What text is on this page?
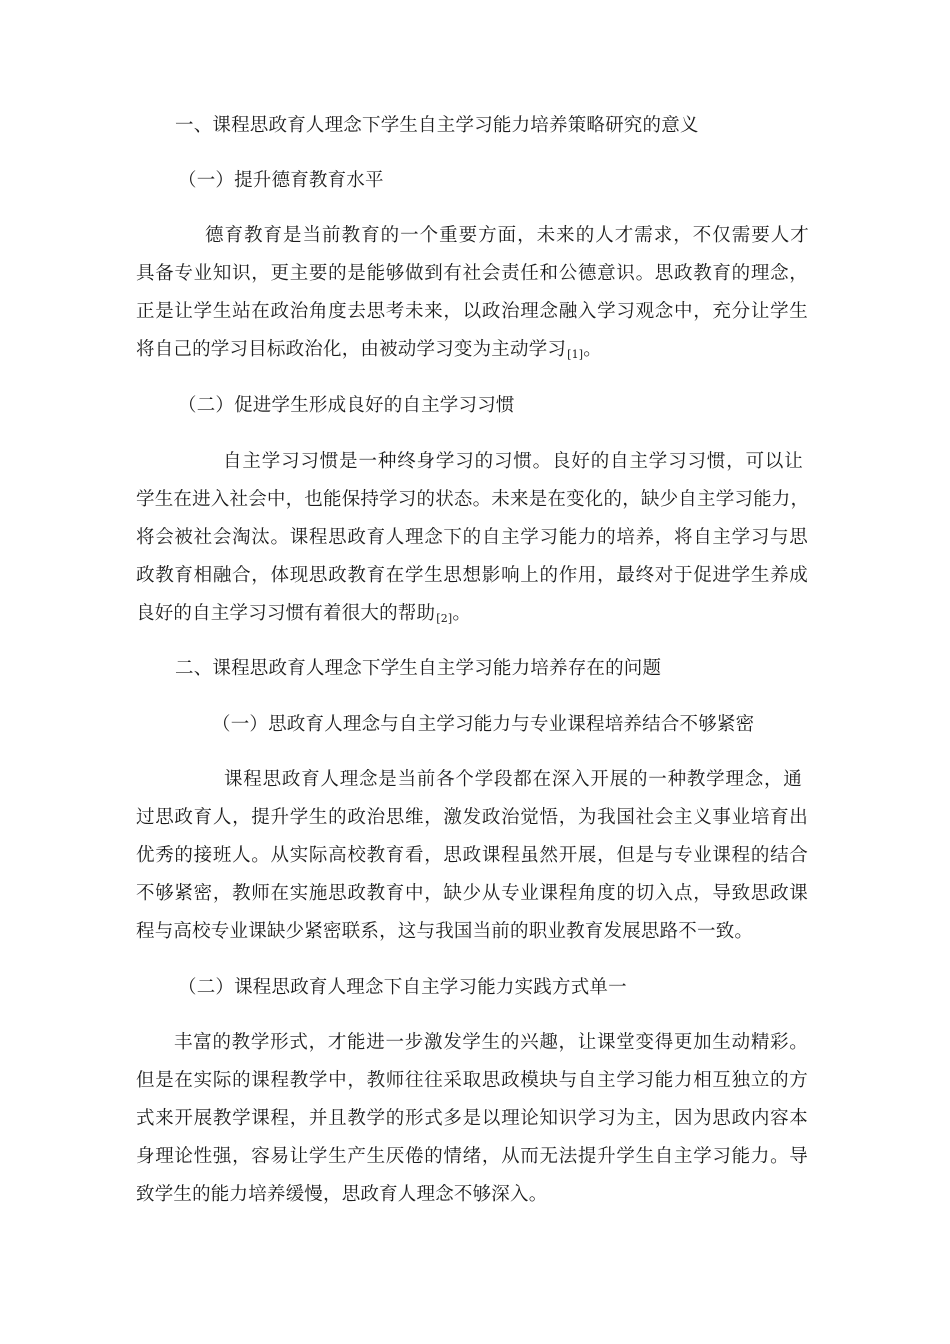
一、课程思政育人理念下学生自主学习能力培养策略研究的意义
（一）提升德育教育水平
德育教育是当前教育的一个重要方面，未来的人才需求，不仅需要人才
具备专业知识，更主要的是能够做到有社会责任和公德意识。思政教育的理念，
正是让学生站在政治角度去思考未来，以政治理念融入学习观念中，充分让学生
将自己的学习目标政治化，由被动学习变为主动学习$_{[1]}$。
（二）促进学生形成良好的自主学习习惯
自主学习习惯是一种终身学习的习惯。良好的自主学习习惯，可以让
学生在进入社会中，也能保持学习的状态。未来是在变化的，缺少自主学习能力，
将会被社会淘汰。课程思政育人理念下的自主学习能力的培养，将自主学习与思
政教育相融合，体现思政教育在学生思想影响上的作用，最终对于促进学生养成
良好的自主学习习惯有着很大的帮助$_{[2]}$。
二、课程思政育人理念下学生自主学习能力培养存在的问题
（一）思政育人理念与自主学习能力与专业课程培养结合不够紧密
课程思政育人理念是当前各个学段都在深入开展的一种教学理念，通
过思政育人，提升学生的政治思维，激发政治觉悟，为我国社会主义事业培育出
优秀的接班人。从实际高校教育看，思政课程虽然开展，但是与专业课程的结合
不够紧密，教师在实施思政教育中，缺少从专业课程角度的切入点，导致思政课
程与高校专业课缺少紧密联系，这与我国当前的职业教育发展思路不一致。
（二）课程思政育人理念下自主学习能力实践方式单一
丰富的教学形式，才能进一步激发学生的兴趣，让课堂变得更加生动精彩。
但是在实际的课程教学中，教师往往采取思政模块与自主学习能力相互独立的方
式来开展教学课程，并且教学的形式多是以理论知识学习为主，因为思政内容本
身理论性强，容易让学生产生厌倦的情绪，从而无法提升学生自主学习能力。导
致学生的能力培养缓慢，思政育人理念不够深入。
